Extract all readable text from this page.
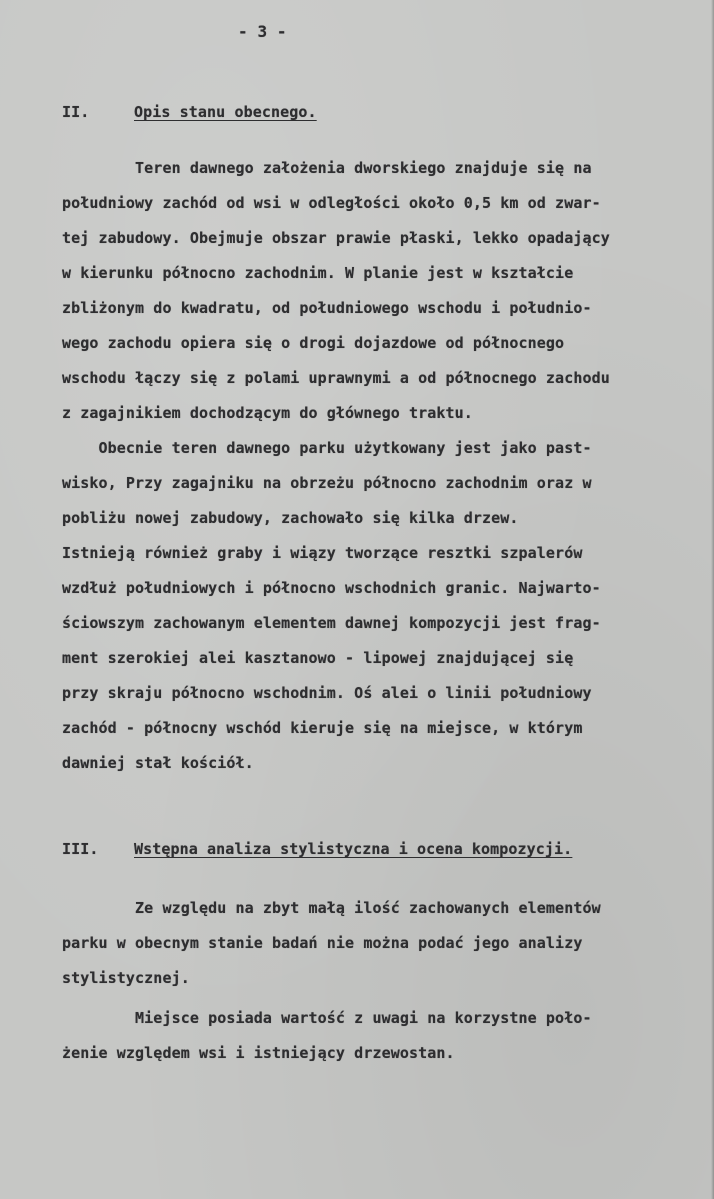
- 3 -
II.	Opis stanu obecnego.
Teren dawnego założenia dworskiego znajduje się na
południowy zachód od wsi w odległości około 0,5 km od zwar-
tej zabudowy. Obejmuje obszar prawie płaski, lekko opadający
w kierunku północno zachodnim. W planie jest w kształcie
zbliżonym do kwadratu, od południowego wschodu i południo-
wego zachodu opiera się o drogi dojazdowe od północnego
wschodu łączy się z polami uprawnymi a od północnego zachodu
z zagajnikiem dochodzącym do głównego traktu.
Obecnie teren dawnego parku użytkowany jest jako past-
wisko, Przy zagajniku na obrzeżu północno zachodnim oraz w
pobliżu nowej zabudowy, zachowało się kilka drzew.
Istnieją również graby i wiązy tworzące resztki szpalerów
wzdłuż południowych i północno wschodnich granic. Najwarto-
ściowszym zachowanym elementem dawnej kompozycji jest frag-
ment szerokiej alei kasztanowo - lipowej znajdującej się
przy skraju północno wschodnim. Oś alei o linii południowy
zachód - północny wschód kieruje się na miejsce, w którym
dawniej stał kościół.
III. Wstępna analiza stylistyczna i ocena kompozycji.
Ze względu na zbyt małą ilość zachowanych elementów
parku w obecnym stanie badań nie można podać jego analizy
stylistycznej.
Miejsce posiada wartość z uwagi na korzystne poło-
żenie względem wsi i istniejący drzewostan.
